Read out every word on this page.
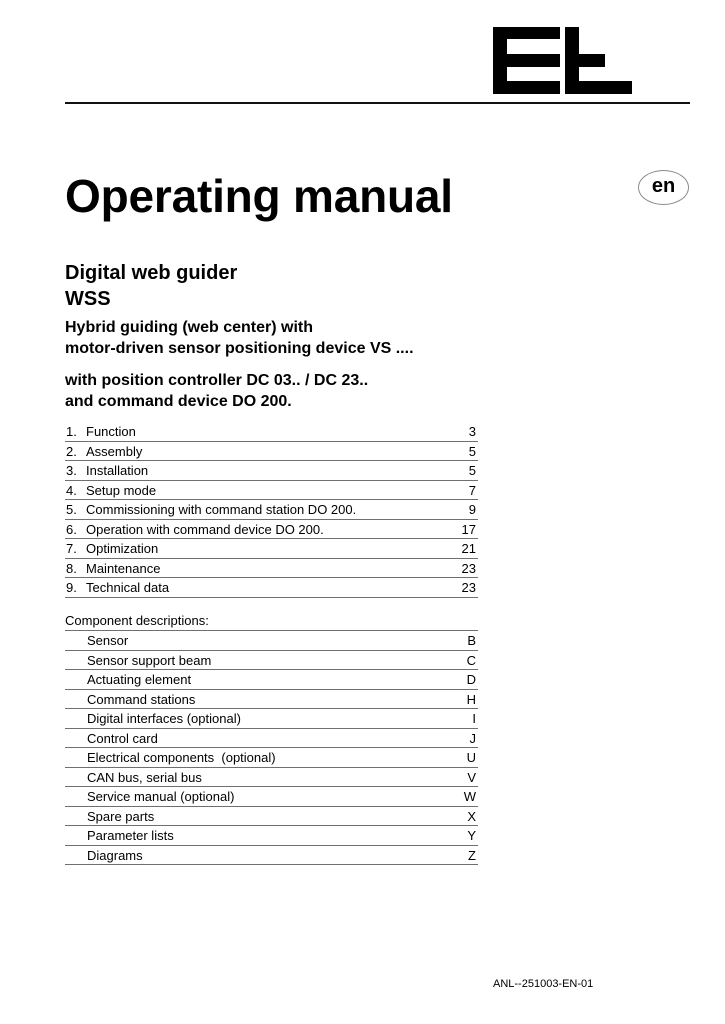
Operating manual	en
Digital web guider
WSS
Hybrid guiding (web center) with
motor-driven sensor positioning device VS ....
with position controller DC 03.. / DC 23..
and command device DO 200.
1. Function	3
2. Assembly	5
3. Installation	5
4. Setup mode	7
5. Commissioning with command station DO 200.	9
6. Operation with command device DO 200.	17
7. Optimization	21
8. Maintenance	23
9. Technical data	23
Component descriptions:
Sensor	B
Sensor support beam	C
Actuating element	D
Command stations	H
Digital interfaces (optional)	I
Control card	J
Electrical components  (optional)	U
CAN bus, serial bus	V
Service manual (optional)	W
Spare parts	X
Parameter lists	Y
Diagrams	Z
ANL--251003-EN-01
